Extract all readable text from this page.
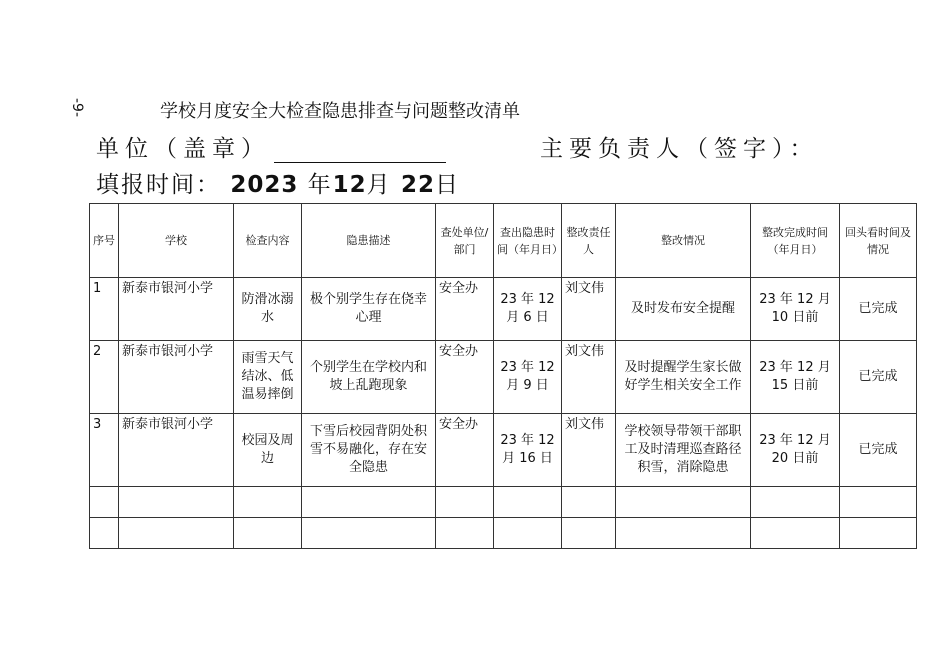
-9-	学校月度安全大检查隐患排查与问题整改清单
单位（盖章）	主要负责人（签字）：
填报时间： 2023 年12月 22日
序号	学校	检查内容	隐患描述	查处单位/部门	查出隐患时间（年月日）	整改责任人	整改情况	整改完成时间（年月日）	回头看时间及情况
1	新泰市银河小学	防滑冰溺水	极个别学生存在侥幸心理	安全办	23 年 12 月 6 日	刘文伟	及时发布安全提醒	23 年 12 月 10 日前	已完成
2	新泰市银河小学	雨雪天气结冰、低温易摔倒	个别学生在学校内和坡上乱跑现象	安全办	23 年 12 月 9 日	刘文伟	及时提醒学生家长做好学生相关安全工作	23 年 12 月 15 日前	已完成
3	新泰市银河小学	校园及周边	下雪后校园背阴处积雪不易融化，存在安全隐患	安全办	23 年 12 月 16 日	刘文伟	学校领导带领干部职工及时清理巡查路径积雪，消除隐患	23 年 12 月 20 日前	已完成
